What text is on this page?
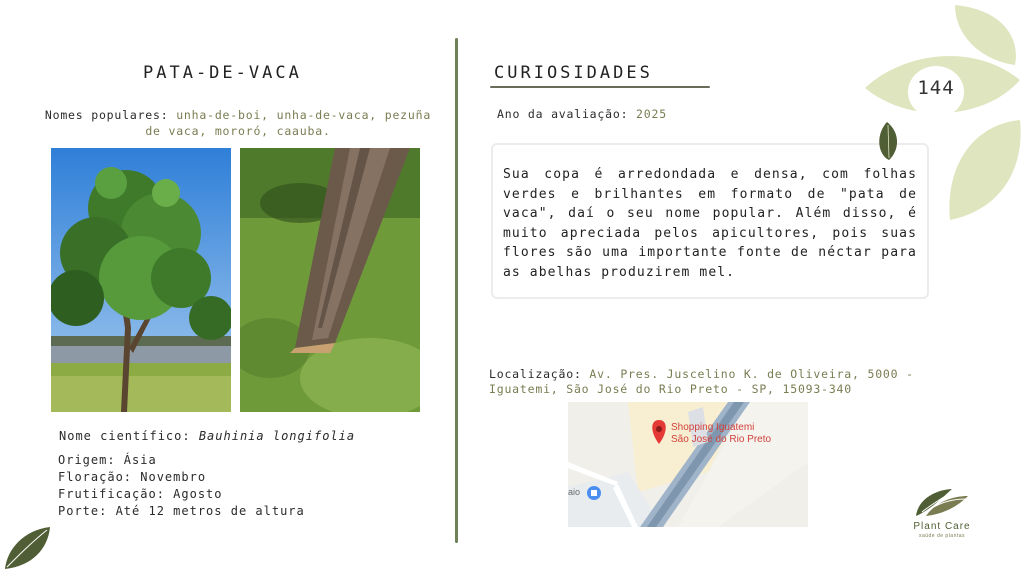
PATA-DE-VACA
Nomes populares: unha-de-boi, unha-de-vaca, pezuña de vaca, mororó, caauba.
Nome científico: Bauhinia longifolia
Origem: Ásia
Floração: Novembro
Frutificação: Agosto
Porte: Até 12 metros de altura
CURIOSIDADES
Ano da avaliação: 2025

Sua copa é arredondada e densa, com folhas verdes e brilhantes em formato de "pata de vaca", daí o seu nome popular. Além disso, é muito apreciada pelos apicultores, pois suas flores são uma importante fonte de néctar para as abelhas produzirem mel.

Localização: Av. Pres. Juscelino K. de Oliveira, 5000 - Iguatemi, São José do Rio Preto - SP, 15093-340
Shopping Iguatemi
São José do Rio Preto
aio
144
Plant Care
saúde de plantas
